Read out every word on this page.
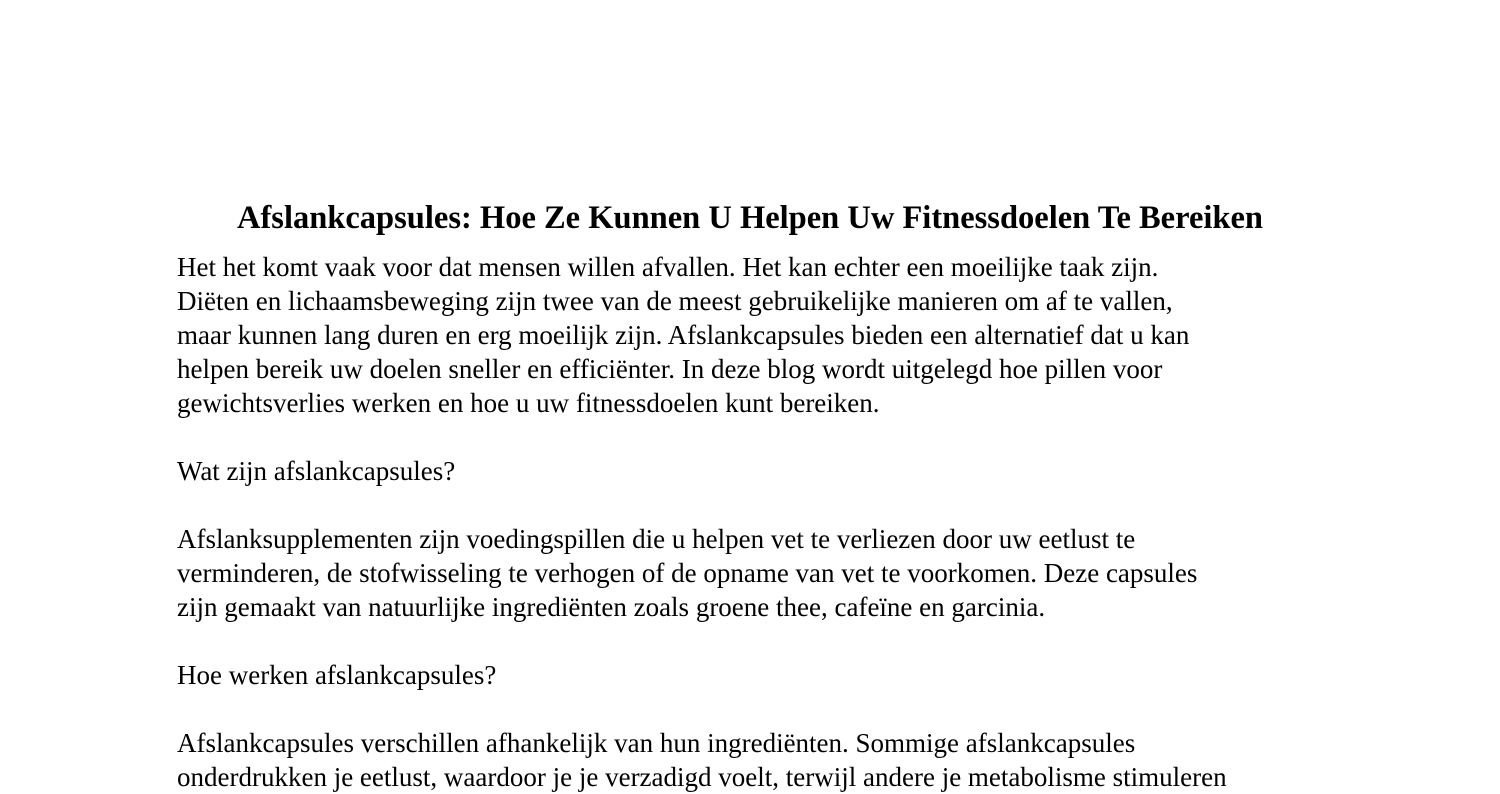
Afslankcapsules: Hoe Ze Kunnen U Helpen Uw Fitnessdoelen Te Bereiken
Het het komt vaak voor dat mensen willen afvallen. Het kan echter een moeilijke taak zijn.
Diëten en lichaamsbeweging zijn twee van de meest gebruikelijke manieren om af te vallen,
maar kunnen lang duren en erg moeilijk zijn. Afslankcapsules bieden een alternatief dat u kan
helpen bereik uw doelen sneller en efficiënter. In deze blog wordt uitgelegd hoe pillen voor
gewichtsverlies werken en hoe u uw fitnessdoelen kunt bereiken.
Wat zijn afslankcapsules?
Afslanksupplementen zijn voedingspillen die u helpen vet te verliezen door uw eetlust te
verminderen, de stofwisseling te verhogen of de opname van vet te voorkomen. Deze capsules
zijn gemaakt van natuurlijke ingrediënten zoals groene thee, cafeïne en garcinia.
Hoe werken afslankcapsules?
Afslankcapsules verschillen afhankelijk van hun ingrediënten. Sommige afslankcapsules
onderdrukken je eetlust, waardoor je je verzadigd voelt, terwijl andere je metabolisme stimuleren
